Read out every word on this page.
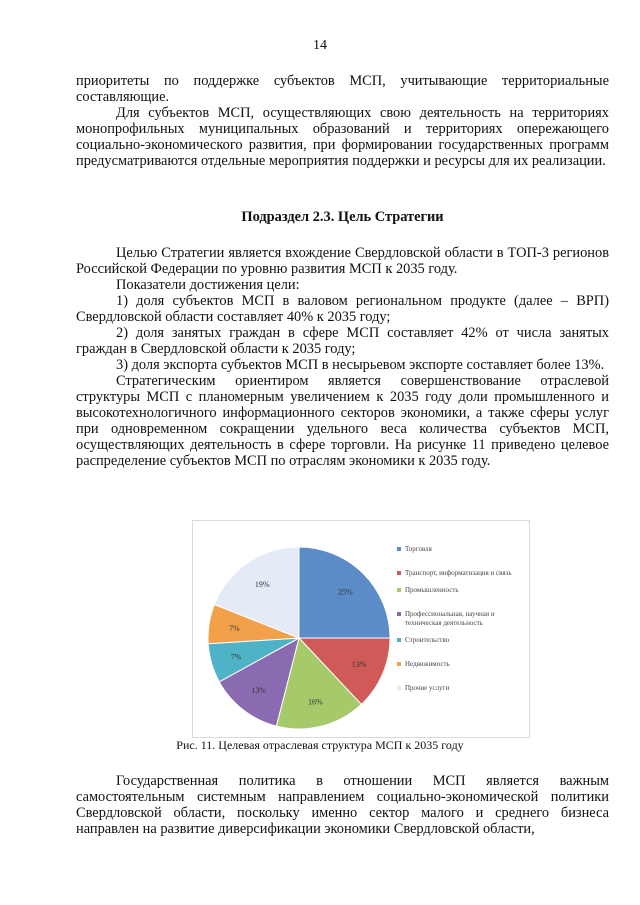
14

приоритеты по поддержке субъектов МСП, учитывающие территориальные составляющие.

Для субъектов МСП, осуществляющих свою деятельность на территориях монопрофильных муниципальных образований и территориях опережающего социально-экономического развития, при формировании государственных программ предусматриваются отдельные мероприятия поддержки и ресурсы для их реализации.

Подраздел 2.3. Цель Стратегии

Целью Стратегии является вхождение Свердловской области в ТОП-3 регионов Российской Федерации по уровню развития МСП к 2035 году.

Показатели достижения цели:

1) доля субъектов МСП в валовом региональном продукте (далее – ВРП) Свердловской области составляет 40% к 2035 году;

2) доля занятых граждан в сфере МСП составляет 42% от числа занятых граждан в Свердловской области к 2035 году;

3) доля экспорта субъектов МСП в несырьевом экспорте составляет более 13%.

Стратегическим ориентиром является совершенствование отраслевой структуры МСП с планомерным увеличением к 2035 году доли промышленного и высокотехнологичного информационного секторов экономики, а также сферы услуг при одновременном сокращении удельного веса количества субъектов МСП, осуществляющих деятельность в сфере торговли. На рисунке 11 приведено целевое распределение субъектов МСП по отраслям экономики к 2035 году.

25%
13%
16%
13%
7%
7%
19%
Торговля
Транспорт, информатизация и связь
Промышленность
Профессиональная, научная и техническая деятельность
Строительство
Недвижимость
Прочие услуги
Рис. 11. Целевая отраслевая структура МСП к 2035 году

Государственная политика в отношении МСП является важным самостоятельным системным направлением социально-экономической политики Свердловской области, поскольку именно сектор малого и среднего бизнеса направлен на развитие диверсификации экономики Свердловской области,
